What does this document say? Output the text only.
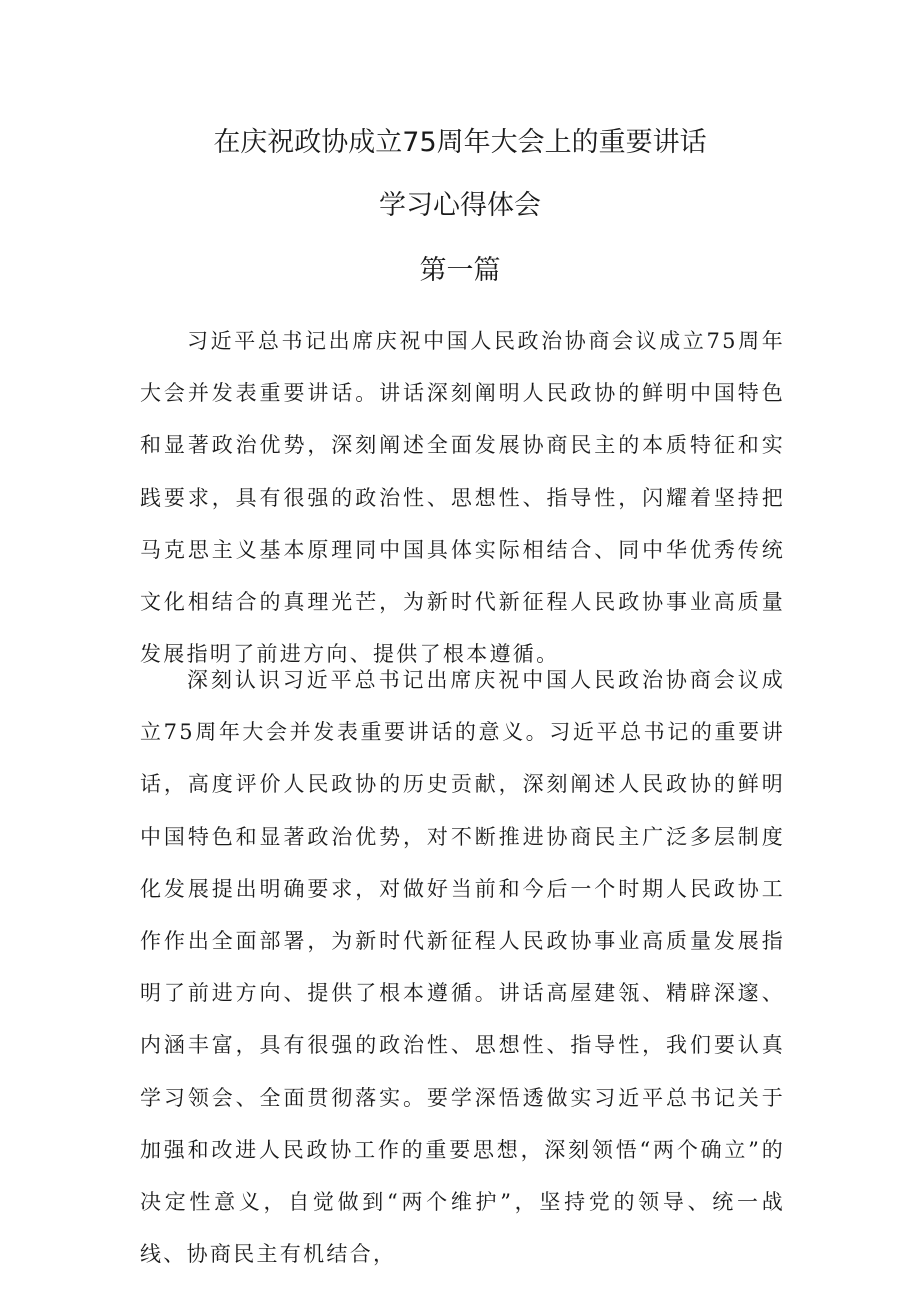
在庆祝政协成立75周年大会上的重要讲话
学习心得体会
第一篇

习近平总书记出席庆祝中国人民政治协商会议成立75周年大会并发表重要讲话。讲话深刻阐明人民政协的鲜明中国特色和显著政治优势，深刻阐述全面发展协商民主的本质特征和实践要求，具有很强的政治性、思想性、指导性，闪耀着坚持把马克思主义基本原理同中国具体实际相结合、同中华优秀传统文化相结合的真理光芒，为新时代新征程人民政协事业高质量发展指明了前进方向、提供了根本遵循。

深刻认识习近平总书记出席庆祝中国人民政治协商会议成立75周年大会并发表重要讲话的意义。习近平总书记的重要讲话，高度评价人民政协的历史贡献，深刻阐述人民政协的鲜明中国特色和显著政治优势，对不断推进协商民主广泛多层制度化发展提出明确要求，对做好当前和今后一个时期人民政协工作作出全面部署，为新时代新征程人民政协事业高质量发展指明了前进方向、提供了根本遵循。讲话高屋建瓴、精辟深邃、内涵丰富，具有很强的政治性、思想性、指导性，我们要认真学习领会、全面贯彻落实。要学深悟透做实习近平总书记关于加强和改进人民政协工作的重要思想，深刻领悟“两个确立”的决定性意义，自觉做到“两个维护”，坚持党的领导、统一战线、协商民主有机结合，
